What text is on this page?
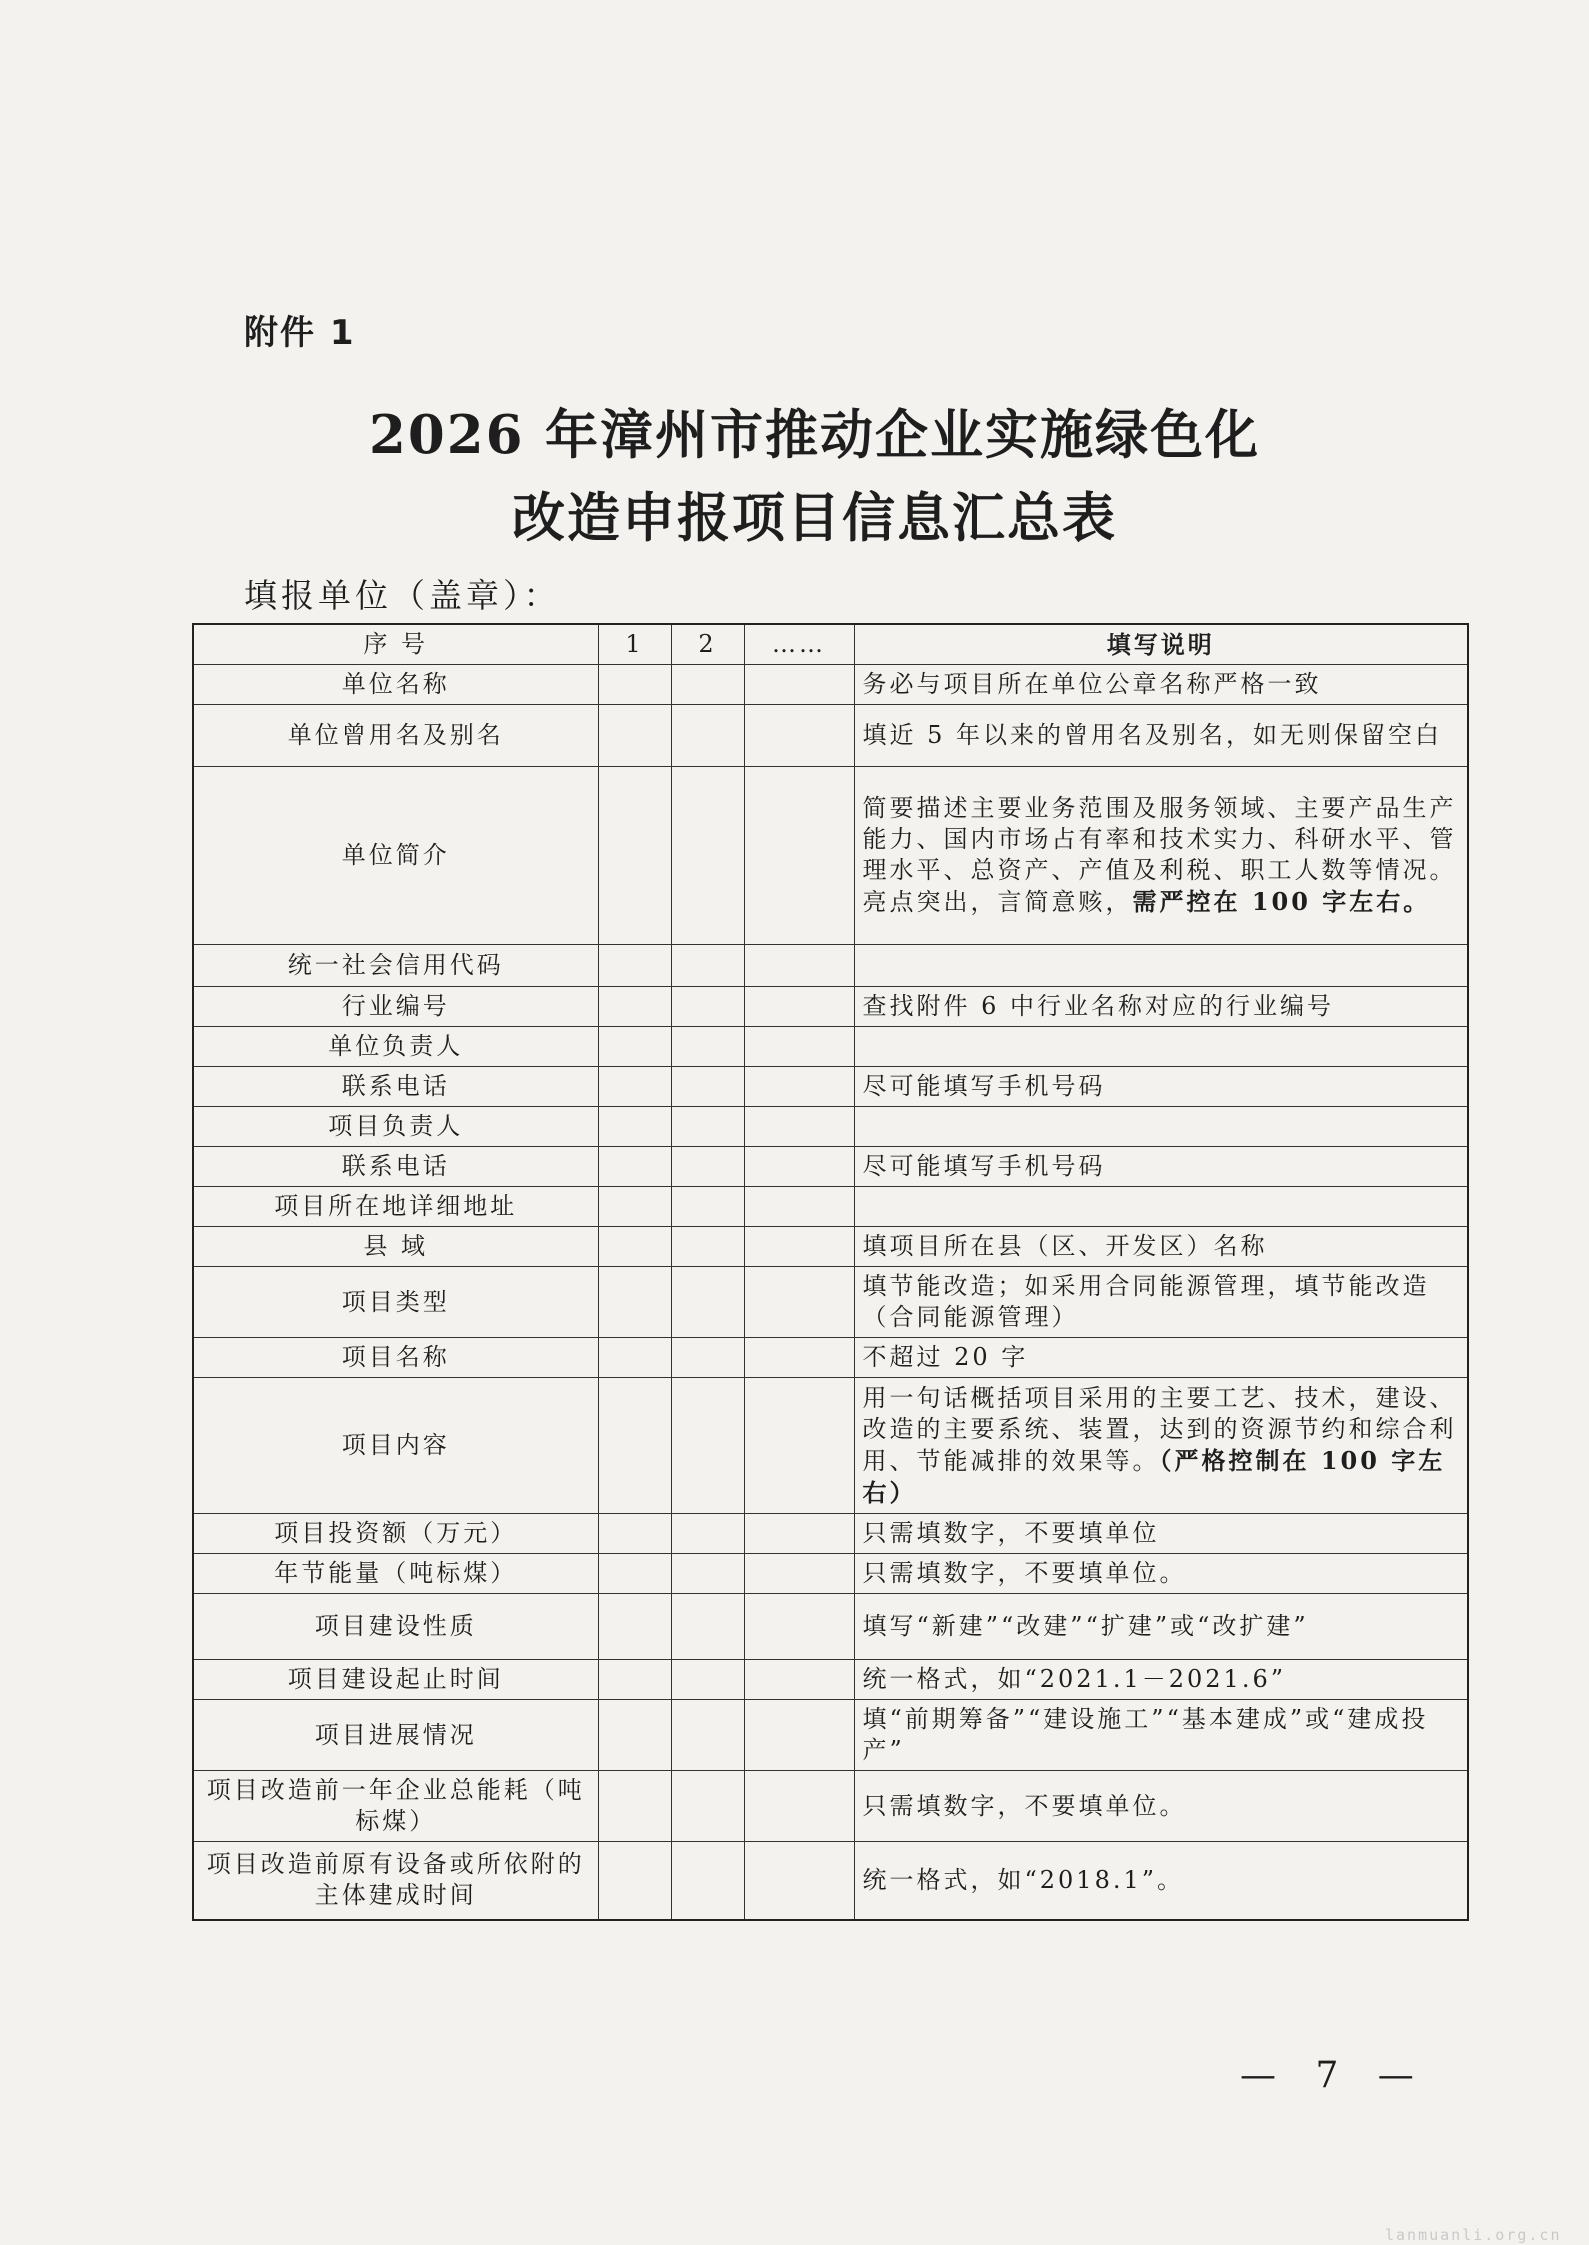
附件 1
2026 年漳州市推动企业实施绿色化
改造申报项目信息汇总表
填报单位（盖章）：
序 号	1	2	……	填写说明
单位名称				务必与项目所在单位公章名称严格一致
单位曾用名及别名				填近 5 年以来的曾用名及别名，如无则保留空白
单位简介				简要描述主要业务范围及服务领域、主要产品生产能力、国内市场占有率和技术实力、科研水平、管理水平、总资产、产值及利税、职工人数等情况。亮点突出，言简意赅，需严控在 100 字左右。
统一社会信用代码				
行业编号				查找附件 6 中行业名称对应的行业编号
单位负责人				
联系电话				尽可能填写手机号码
项目负责人				
联系电话				尽可能填写手机号码
项目所在地详细地址				
县 域				填项目所在县（区、开发区）名称
项目类型				填节能改造；如采用合同能源管理，填节能改造（合同能源管理）
项目名称				不超过 20 字
项目内容				用一句话概括项目采用的主要工艺、技术，建设、改造的主要系统、装置，达到的资源节约和综合利用、节能减排的效果等。（严格控制在 100 字左右）
项目投资额（万元）				只需填数字，不要填单位
年节能量（吨标煤）				只需填数字，不要填单位。
项目建设性质				填写“新建”“改建”“扩建”或“改扩建”
项目建设起止时间				统一格式，如“2021.1－2021.6”
项目进展情况				填“前期筹备”“建设施工”“基本建成”或“建成投产”
项目改造前一年企业总能耗（吨标煤）				只需填数字，不要填单位。
项目改造前原有设备或所依附的主体建成时间				统一格式，如“2018.1”。
— 7 —
lanmuanli.org.cn
